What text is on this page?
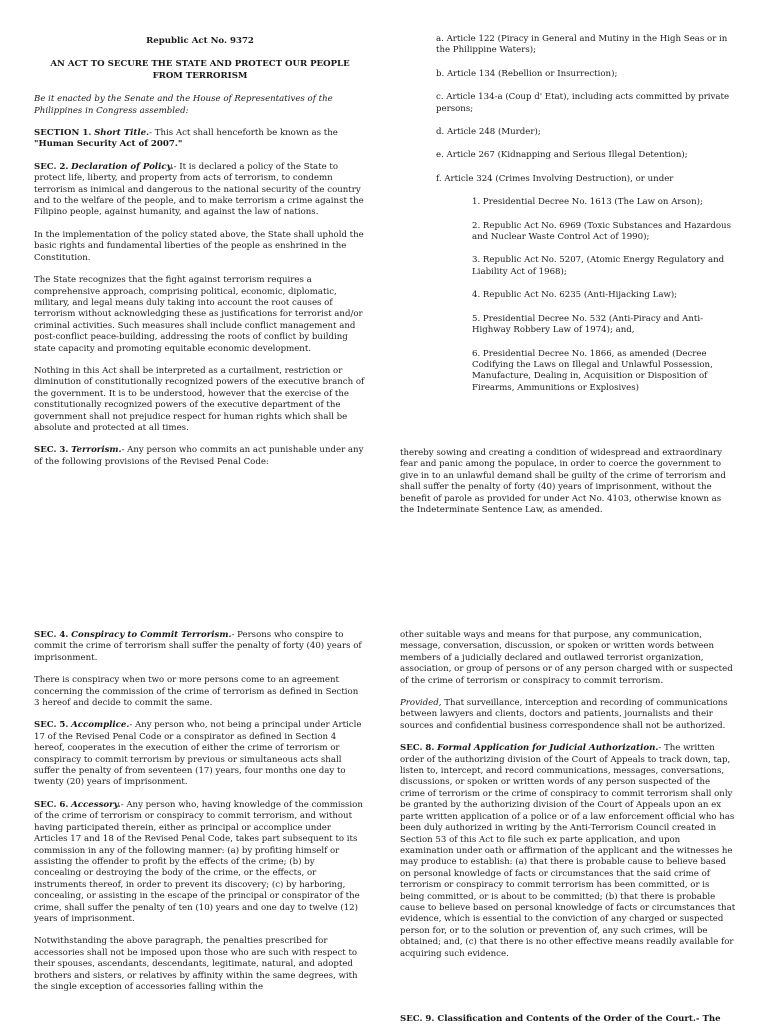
Republic Act No. 9372
AN ACT TO SECURE THE STATE AND PROTECT OUR PEOPLE FROM TERRORISM

Be it enacted by the Senate and the House of Representatives of the Philippines in Congress assembled:

SECTION 1. Short Title.- This Act shall henceforth be known as the "Human Security Act of 2007."

SEC. 2. Declaration of Policy.- It is declared a policy of the State to protect life, liberty, and property from acts of terrorism, to condemn terrorism as inimical and dangerous to the national security of the country and to the welfare of the people, and to make terrorism a crime against the Filipino people, against humanity, and against the law of nations.

In the implementation of the policy stated above, the State shall uphold the basic rights and fundamental liberties of the people as enshrined in the Constitution.

The State recognizes that the fight against terrorism requires a comprehensive approach, comprising political, economic, diplomatic, military, and legal means duly taking into account the root causes of terrorism without acknowledging these as justifications for terrorist and/or criminal activities. Such measures shall include conflict management and post-conflict peace-building, addressing the roots of conflict by building state capacity and promoting equitable economic development.

Nothing in this Act shall be interpreted as a curtailment, restriction or diminution of constitutionally recognized powers of the executive branch of the government. It is to be understood, however that the exercise of the constitutionally recognized powers of the executive department of the government shall not prejudice respect for human rights which shall be absolute and protected at all times.

SEC. 3. Terrorism.- Any person who commits an act punishable under any of the following provisions of the Revised Penal Code:

a. Article 122 (Piracy in General and Mutiny in the High Seas or in the Philippine Waters);
b. Article 134 (Rebellion or Insurrection);
c. Article 134-a (Coup d' Etat), including acts committed by private persons;
d. Article 248 (Murder);
e. Article 267 (Kidnapping and Serious Illegal Detention);
f. Article 324 (Crimes Involving Destruction), or under
1. Presidential Decree No. 1613 (The Law on Arson);
2. Republic Act No. 6969 (Toxic Substances and Hazardous and Nuclear Waste Control Act of 1990);
3. Republic Act No. 5207, (Atomic Energy Regulatory and Liability Act of 1968);
4. Republic Act No. 6235 (Anti-Hijacking Law);
5. Presidential Decree No. 532 (Anti-Piracy and Anti-Highway Robbery Law of 1974); and,
6. Presidential Decree No. 1866, as amended (Decree Codifying the Laws on Illegal and Unlawful Possession, Manufacture, Dealing in, Acquisition or Disposition of Firearms, Ammunitions or Explosives)

thereby sowing and creating a condition of widespread and extraordinary fear and panic among the populace, in order to coerce the government to give in to an unlawful demand shall be guilty of the crime of terrorism and shall suffer the penalty of forty (40) years of imprisonment, without the benefit of parole as provided for under Act No. 4103, otherwise known as the Indeterminate Sentence Law, as amended.

SEC. 4. Conspiracy to Commit Terrorism.- Persons who conspire to commit the crime of terrorism shall suffer the penalty of forty (40) years of imprisonment.

There is conspiracy when two or more persons come to an agreement concerning the commission of the crime of terrorism as defined in Section 3 hereof and decide to commit the same.

SEC. 5. Accomplice.- Any person who, not being a principal under Article 17 of the Revised Penal Code or a conspirator as defined in Section 4 hereof, cooperates in the execution of either the crime of terrorism or conspiracy to commit terrorism by previous or simultaneous acts shall suffer the penalty of from seventeen (17) years, four months one day to twenty (20) years of imprisonment.

SEC. 6. Accessory.- Any person who, having knowledge of the commission of the crime of terrorism or conspiracy to commit terrorism, and without having participated therein, either as principal or accomplice under Articles 17 and 18 of the Revised Penal Code, takes part subsequent to its commission in any of the following manner: (a) by profiting himself or assisting the offender to profit by the effects of the crime; (b) by concealing or destroying the body of the crime, or the effects, or instruments thereof, in order to prevent its discovery; (c) by harboring, concealing, or assisting in the escape of the principal or conspirator of the crime, shall suffer the penalty of ten (10) years and one day to twelve (12) years of imprisonment.

Notwithstanding the above paragraph, the penalties prescribed for accessories shall not be imposed upon those who are such with respect to their spouses, ascendants, descendants, legitimate, natural, and adopted brothers and sisters, or relatives by affinity within the same degrees, with the single exception of accessories falling within the

other suitable ways and means for that purpose, any communication, message, conversation, discussion, or spoken or written words between members of a judicially declared and outlawed terrorist organization, association, or group of persons or of any person charged with or suspected of the crime of terrorism or conspiracy to commit terrorism.

Provided, That surveillance, interception and recording of communications between lawyers and clients, doctors and patients, journalists and their sources and confidential business correspondence shall not be authorized.

SEC. 8. Formal Application for Judicial Authorization.- The written order of the authorizing division of the Court of Appeals to track down, tap, listen to, intercept, and record communications, messages, conversations, discussions, or spoken or written words of any person suspected of the crime of terrorism or the crime of conspiracy to commit terrorism shall only be granted by the authorizing division of the Court of Appeals upon an ex parte written application of a police or of a law enforcement official who has been duly authorized in writing by the Anti-Terrorism Council created in Section 53 of this Act to file such ex parte application, and upon examination under oath or affirmation of the applicant and the witnesses he may produce to establish: (a) that there is probable cause to believe based on personal knowledge of facts or circumstances that the said crime of terrorism or conspiracy to commit terrorism has been committed, or is being committed, or is about to be committed; (b) that there is probable cause to believe based on personal knowledge of facts or circumstances that evidence, which is essential to the conviction of any charged or suspected person for, or to the solution or prevention of, any such crimes, will be obtained; and, (c) that there is no other effective means readily available for acquiring such evidence.

SEC. 9. Classification and Contents of the Order of the Court.- The
